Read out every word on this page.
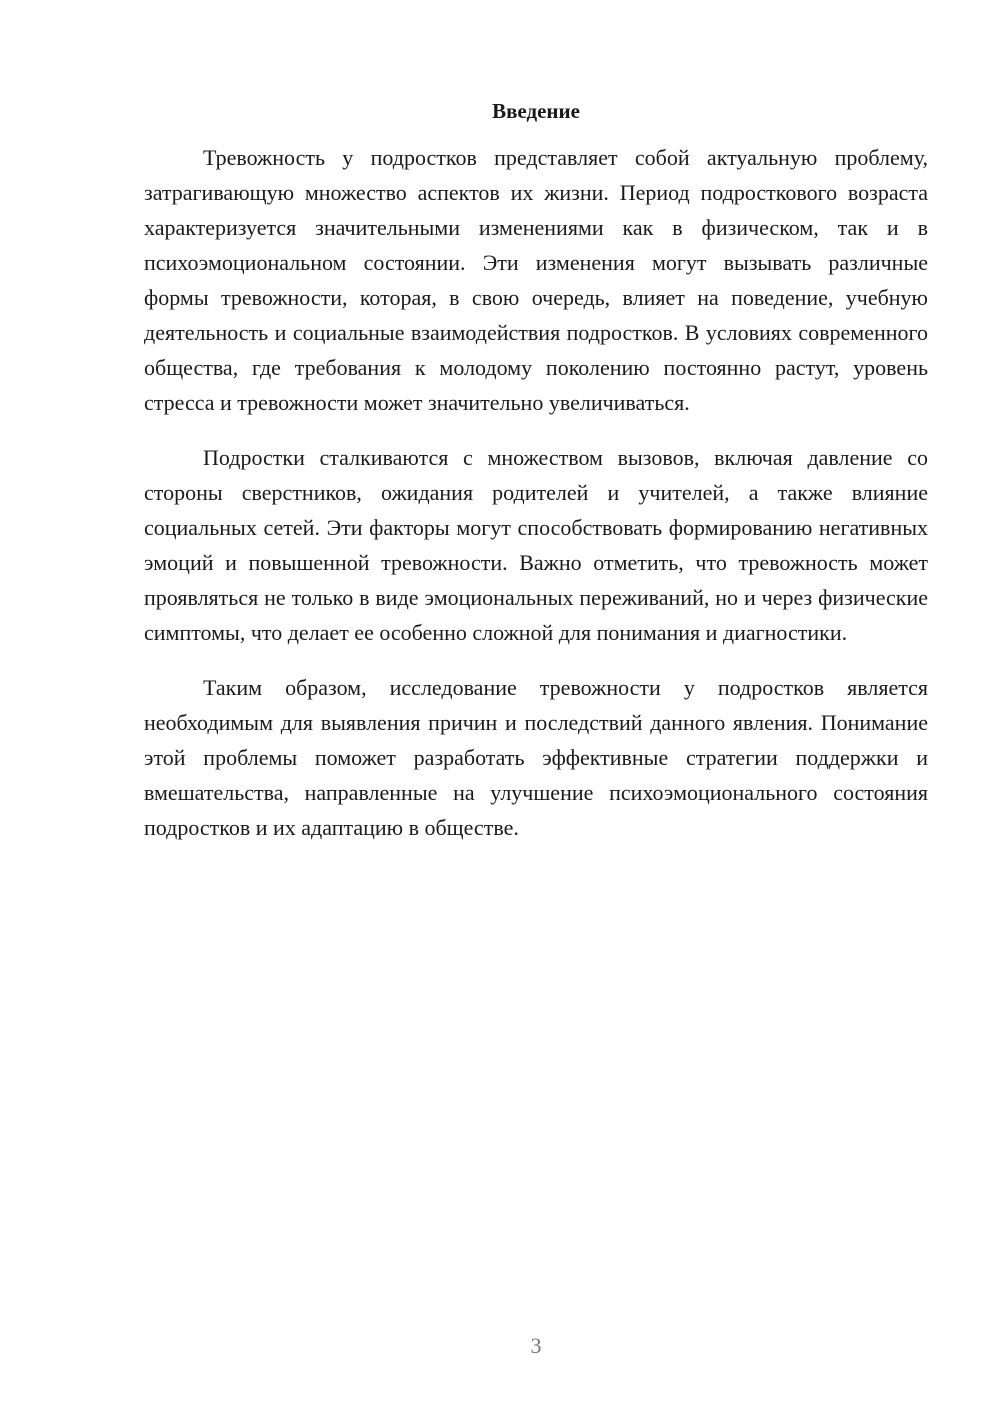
Введение

Тревожность у подростков представляет собой актуальную проблему, затрагивающую множество аспектов их жизни. Период подросткового возраста характеризуется значительными изменениями как в физическом, так и в психоэмоциональном состоянии. Эти изменения могут вызывать различные формы тревожности, которая, в свою очередь, влияет на поведение, учебную деятельность и социальные взаимодействия подростков. В условиях современного общества, где требования к молодому поколению постоянно растут, уровень стресса и тревожности может значительно увеличиваться.

Подростки сталкиваются с множеством вызовов, включая давление со стороны сверстников, ожидания родителей и учителей, а также влияние социальных сетей. Эти факторы могут способствовать формированию негативных эмоций и повышенной тревожности. Важно отметить, что тревожность может проявляться не только в виде эмоциональных переживаний, но и через физические симптомы, что делает ее особенно сложной для понимания и диагностики.

Таким образом, исследование тревожности у подростков является необходимым для выявления причин и последствий данного явления. Понимание этой проблемы поможет разработать эффективные стратегии поддержки и вмешательства, направленные на улучшение психоэмоционального состояния подростков и их адаптацию в обществе.

3
